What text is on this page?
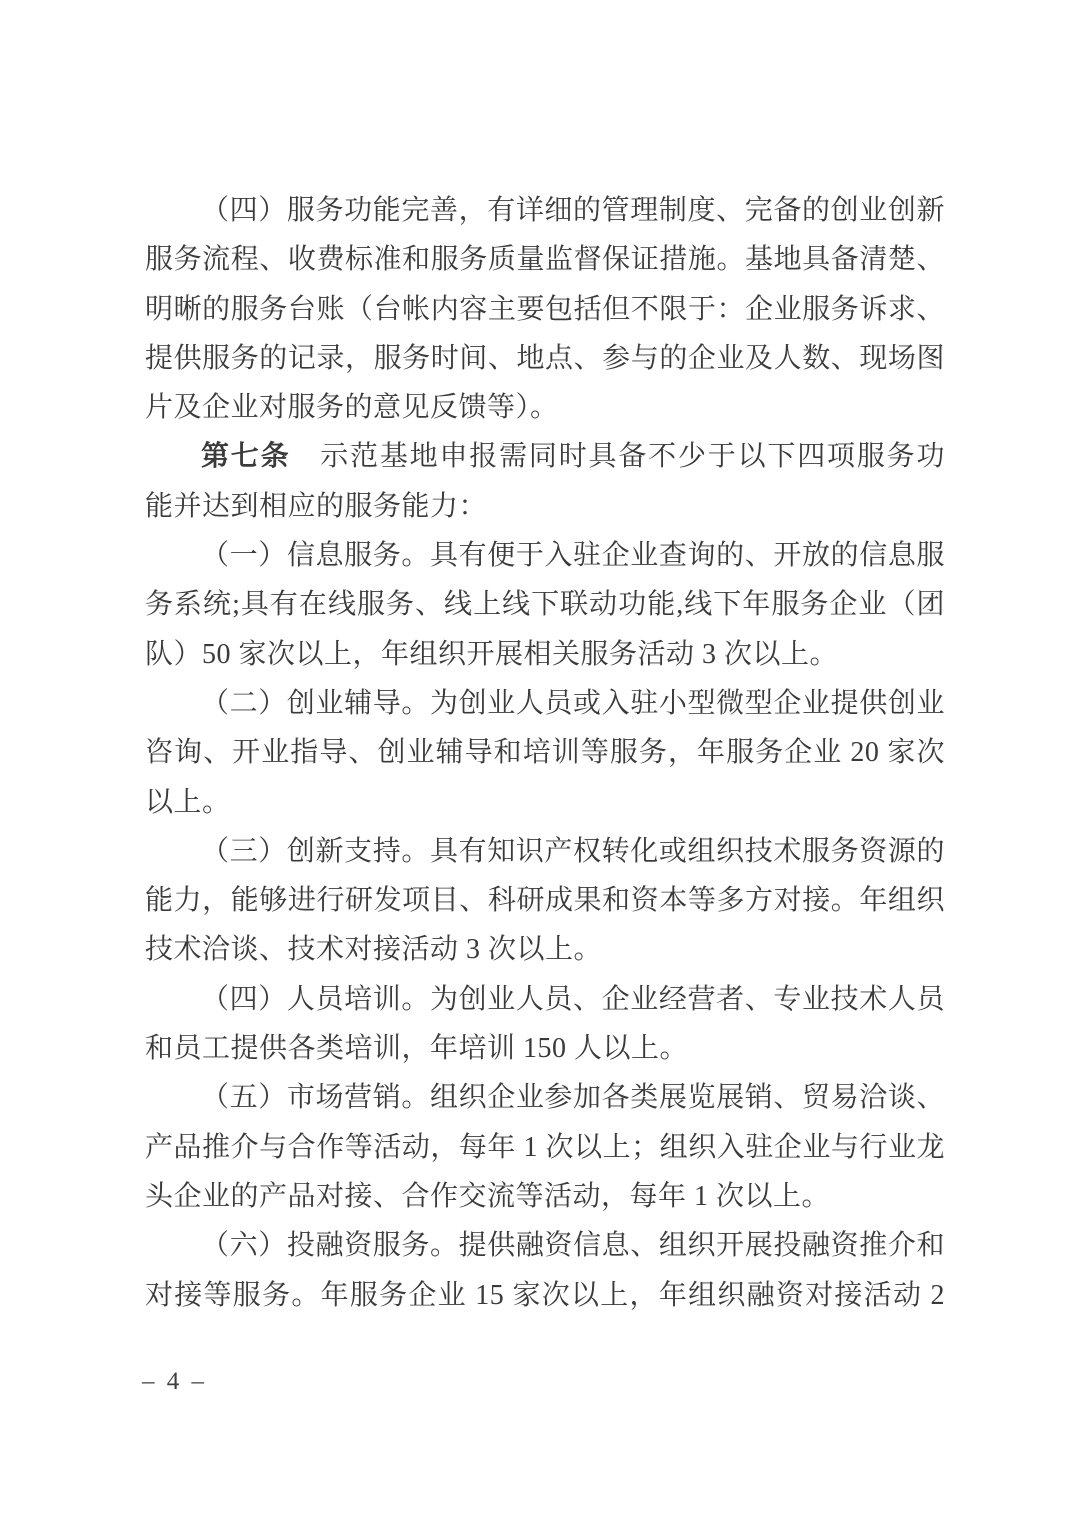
（四）服务功能完善，有详细的管理制度、完备的创业创新
服务流程、收费标准和服务质量监督保证措施。基地具备清楚、
明晰的服务台账（台帐内容主要包括但不限于：企业服务诉求、
提供服务的记录，服务时间、地点、参与的企业及人数、现场图
片及企业对服务的意见反馈等）。
第七条　示范基地申报需同时具备不少于以下四项服务功
能并达到相应的服务能力：
（一）信息服务。具有便于入驻企业查询的、开放的信息服
务系统;具有在线服务、线上线下联动功能,线下年服务企业（团
队）50 家次以上，年组织开展相关服务活动 3 次以上。
（二）创业辅导。为创业人员或入驻小型微型企业提供创业
咨询、开业指导、创业辅导和培训等服务，年服务企业 20 家次
以上。
（三）创新支持。具有知识产权转化或组织技术服务资源的
能力，能够进行研发项目、科研成果和资本等多方对接。年组织
技术洽谈、技术对接活动 3 次以上。
（四）人员培训。为创业人员、企业经营者、专业技术人员
和员工提供各类培训，年培训 150 人以上。
（五）市场营销。组织企业参加各类展览展销、贸易洽谈、
产品推介与合作等活动，每年 1 次以上；组织入驻企业与行业龙
头企业的产品对接、合作交流等活动，每年 1 次以上。
（六）投融资服务。提供融资信息、组织开展投融资推介和
对接等服务。年服务企业 15 家次以上，年组织融资对接活动 2
– 4 –
